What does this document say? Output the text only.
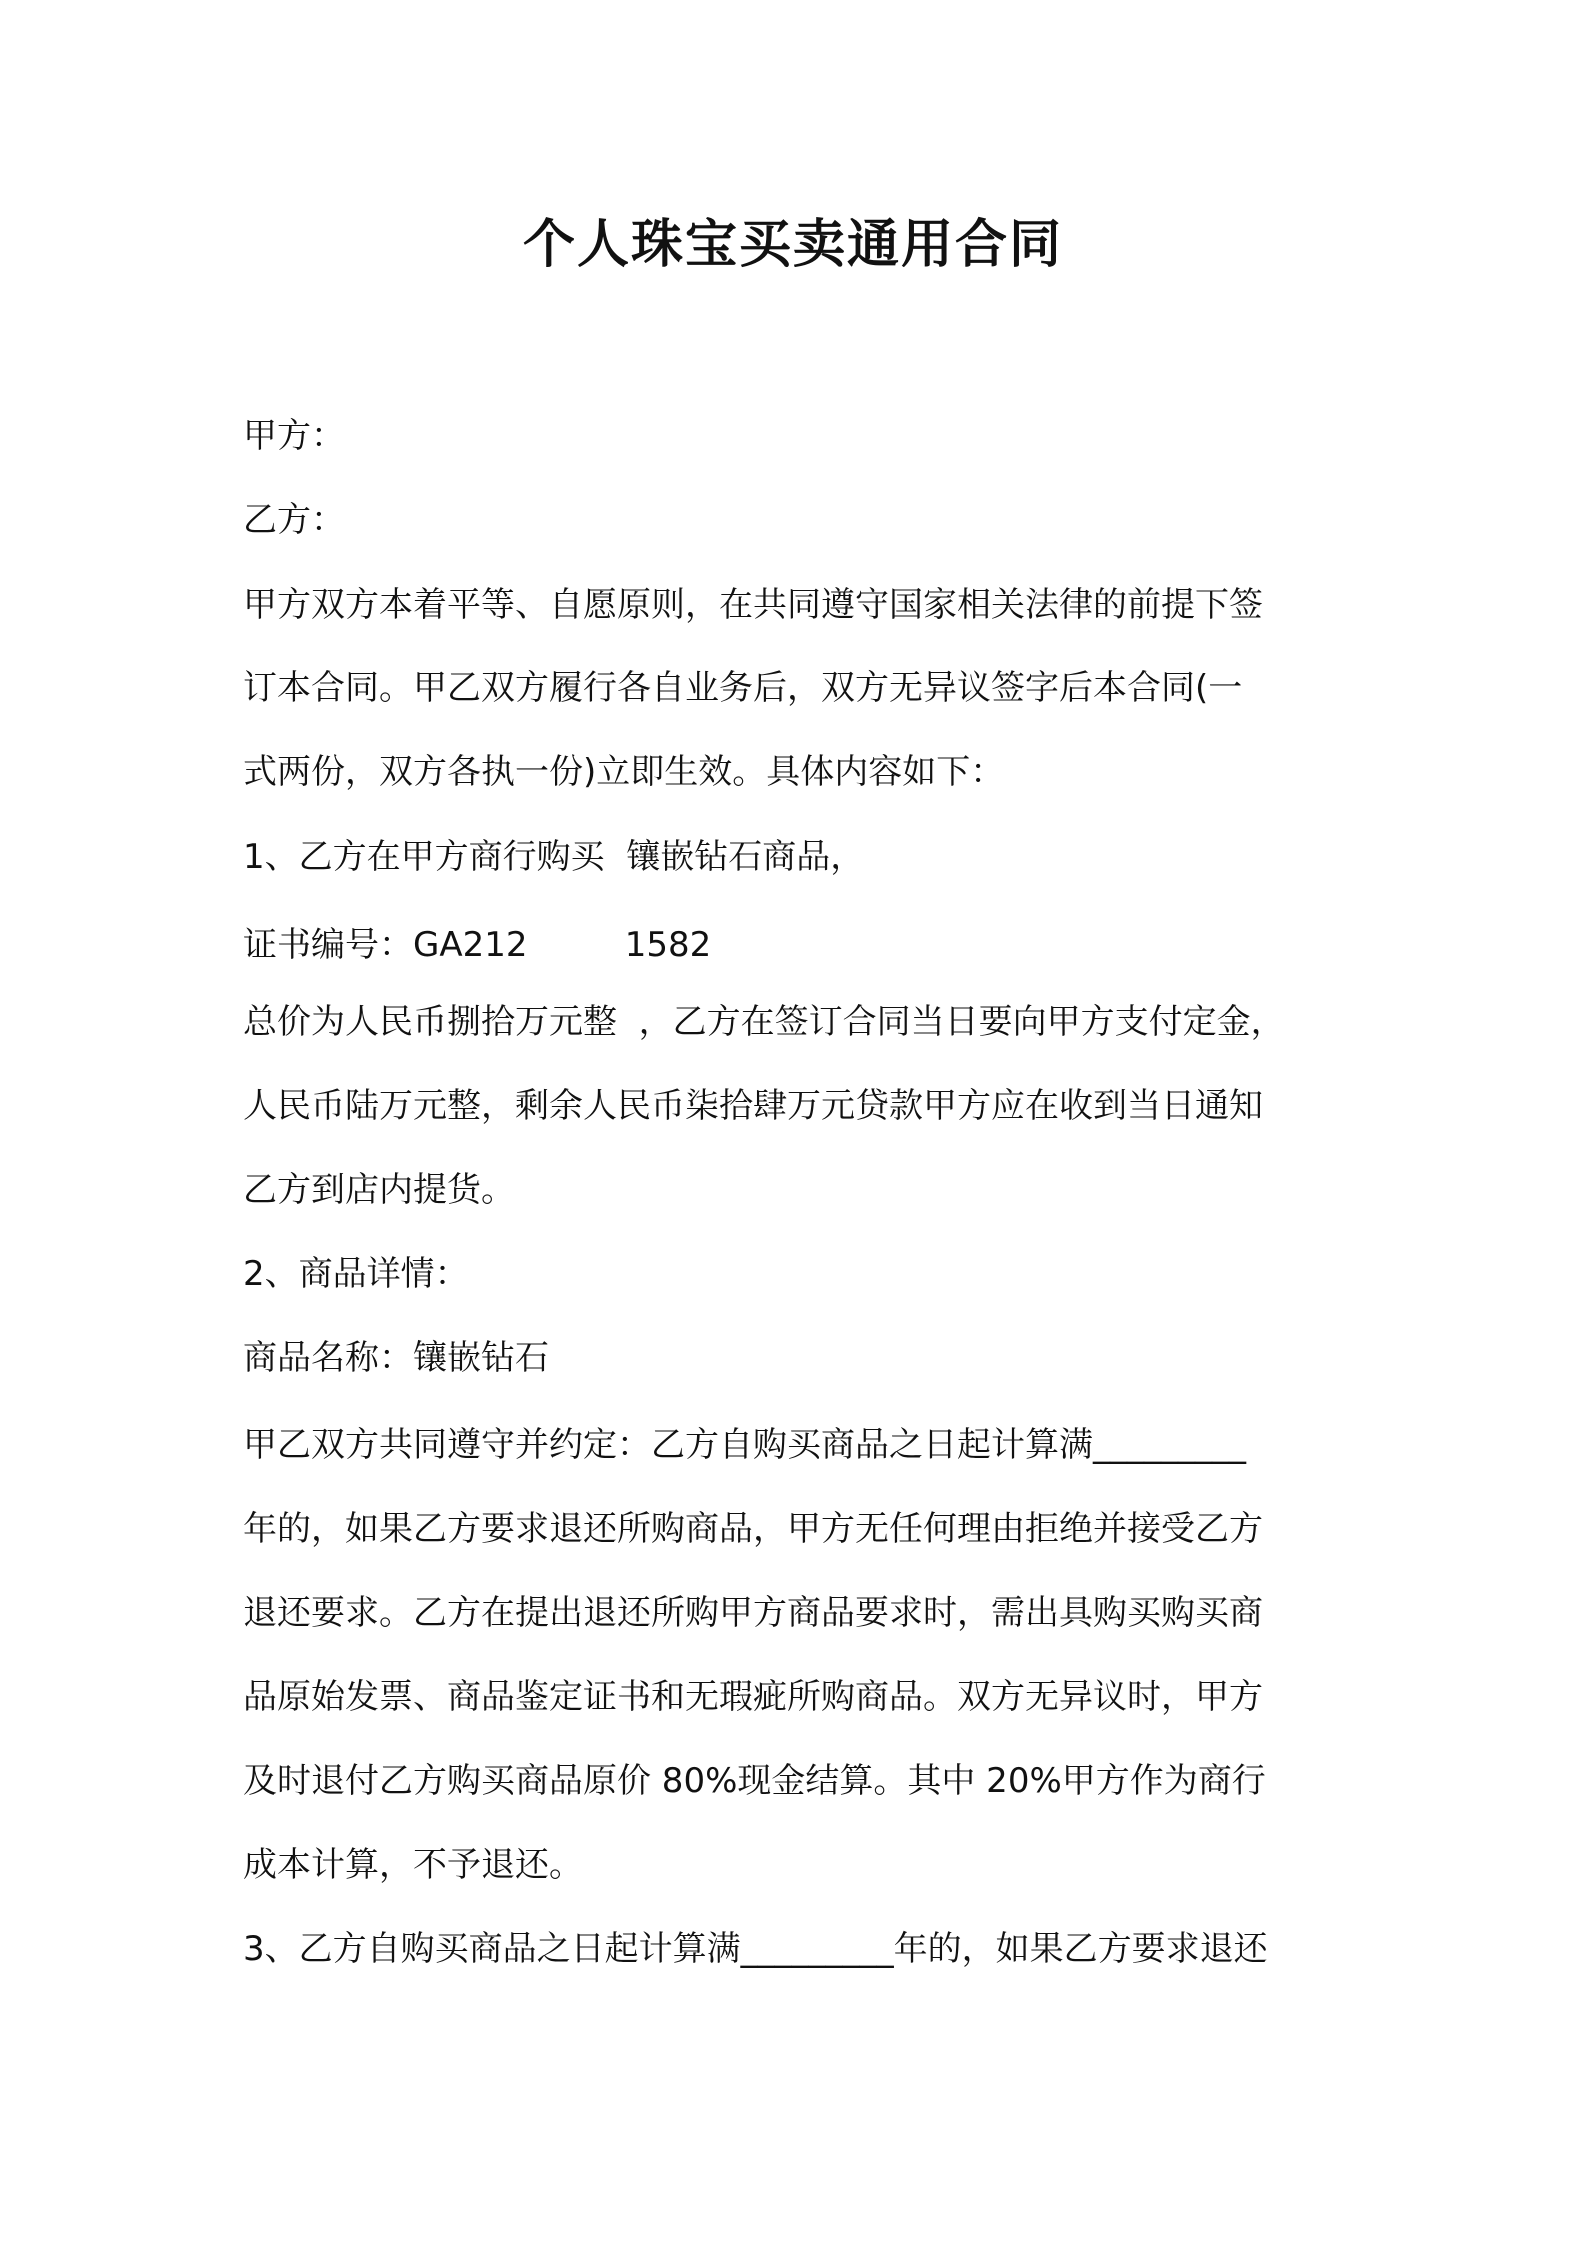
个人珠宝买卖通用合同

甲方：

乙方：

甲方双方本着平等、自愿原则，在共同遵守国家相关法律的前提下签

订本合同。甲乙双方履行各自业务后，双方无异议签字后本合同(一

式两份，双方各执一份)立即生效。具体内容如下：

1、乙方在甲方商行购买  镶嵌钻石商品，

证书编号：GA212         1582

总价为人民币捌拾万元整  ，乙方在签订合同当日要向甲方支付定金，

人民币陆万元整，剩余人民币柒拾肆万元贷款甲方应在收到当日通知

乙方到店内提货。

2、商品详情：

商品名称：镶嵌钻石

甲乙双方共同遵守并约定：乙方自购买商品之日起计算满_________

年的，如果乙方要求退还所购商品，甲方无任何理由拒绝并接受乙方

退还要求。乙方在提出退还所购甲方商品要求时，需出具购买购买商

品原始发票、商品鉴定证书和无瑕疵所购商品。双方无异议时，甲方

及时退付乙方购买商品原价 80%现金结算。其中 20%甲方作为商行

成本计算，不予退还。

3、乙方自购买商品之日起计算满_________年的，如果乙方要求退还
